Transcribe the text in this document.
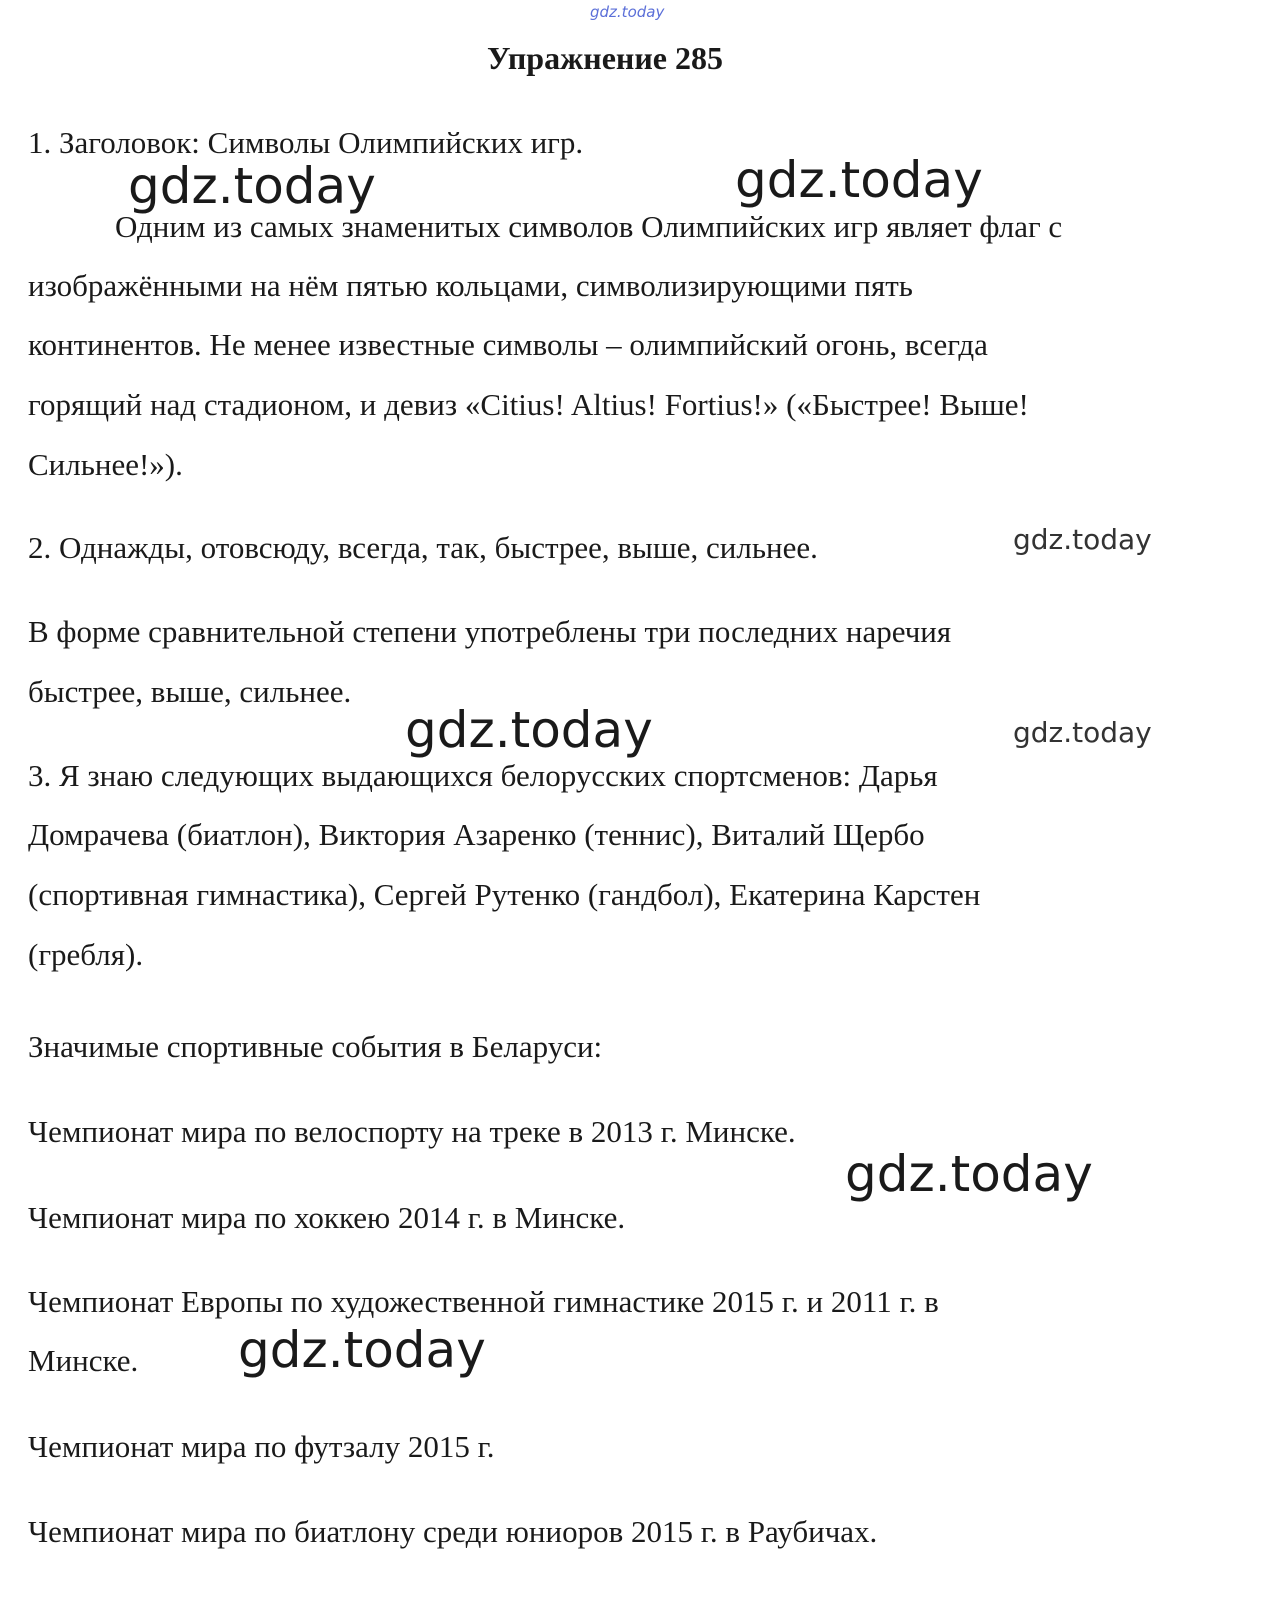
gdz.today
Упражнение 285
1. Заголовок: Символы Олимпийских игр.
gdz.today	gdz.today
Одним из самых знаменитых символов Олимпийских игр являет флаг с
изображёнными на нём пятью кольцами, символизирующими пять
континентов. Не менее известные символы – олимпийский огонь, всегда
горящий над стадионом, и девиз «Citius! Altius! Fortius!» («Быстрее! Выше!
Сильнее!»).
2. Однажды, отовсюду, всегда, так, быстрее, выше, сильнее.	gdz.today
В форме сравнительной степени употреблены три последних наречия
быстрее, выше, сильнее.
gdz.today	gdz.today
3. Я знаю следующих выдающихся белорусских спортсменов: Дарья
Домрачева (биатлон), Виктория Азаренко (теннис), Виталий Щербо
(спортивная гимнастика), Сергей Рутенко (гандбол), Екатерина Карстен
(гребля).
Значимые спортивные события в Беларуси:
Чемпионат мира по велоспорту на треке в 2013 г. Минске.
gdz.today
Чемпионат мира по хоккею 2014 г. в Минске.
Чемпионат Европы по художественной гимнастике 2015 г. и 2011 г. в
Минске. gdz.today
Чемпионат мира по футзалу 2015 г.
Чемпионат мира по биатлону среди юниоров 2015 г. в Раубичах.
